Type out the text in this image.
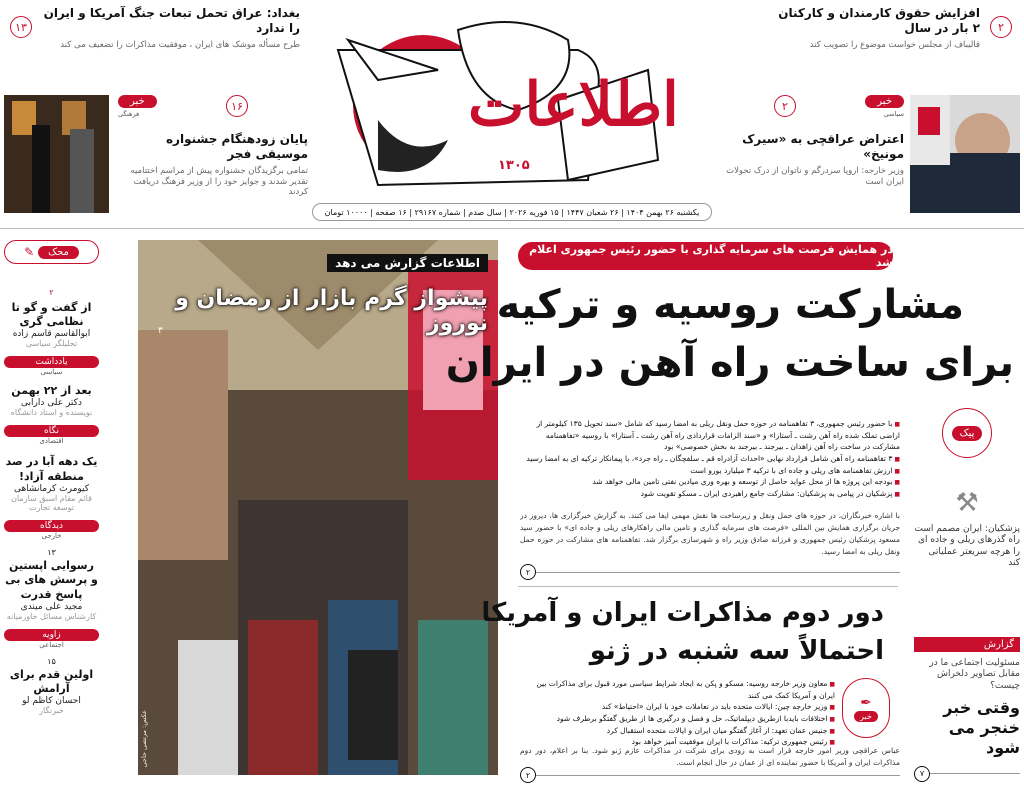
۲
افزایش حقوق کارمندان و کارکنان ۲ بار در سال
قالیباف از مجلس خواست موضوع را تصویب کند
۱۳
بغداد: عراق تحمل تبعات جنگ آمریکا و ایران را ندارد
طرح مسأله موشک های ایران ، موفقیت مذاکرات را تضعیف می کند
اطلاعات
۱۳۰۵
خبر
سیاسی
۲
اعتراض عراقچی به «سیرک مونیخ»
وزیر خارجه: اروپا سردرگم و ناتوان از درک تحولات ایران است
خبر
فرهنگی
۱۶
پایان زودهنگام جشنواره موسیقی فجر
تمامی برگزیدگان جشنواره پیش از مراسم اختتامیه تقدیر شدند و جوایز خود را از وزیر فرهنگ دریافت کردند
یکشنبه ۲۶ بهمن ۱۴۰۴ | ۲۶ شعبان ۱۴۴۷ | ۱۵ فوریه ۲۰۲۶ | سال صدم | شماره ۲۹۱۶۷ | ۱۶ صفحه | ۱۰۰۰۰ تومان
محک
✎
۲
از گفت و گو تا نظامی گری
ابوالقاسم قاسم زاده
تحلیلگر سیاسی
یادداشت
سیاسی
بعد از ۲۲ بهمن
دکتر علی دارابی
نویسنده و استاد دانشگاه
نگاه
اقتصادی
یک دهه آبا در صد منطقه آزاد!
کیومرث کرمانشاهی
قائم مقام اسبق سازمان توسعه تجارت
دیدگاه
خارجی
۱۳
رسوایی اپستین و پرسش های بی پاسخ قدرت
مجید علی میندی
کارشناس مسائل خاورمیانه
زاویه
اجتماعی
۱۵
اولین قدم برای آرامش
احسان کاظم لو
خبرنگار
اطلاعات گزارش می دهد
پیشواز گرم بازار از رمضان و نوروز
۳
عکس: مرتضی حاجی
در همایش فرصت های سرمایه گذاری با حضور رئیس جمهوری اعلام شد
مشارکت روسیه و ترکیه
برای ساخت راه آهن در ایران
■ با حضور رئیس جمهوری، ۳ تفاهمنامه در حوزه حمل ونقل ریلی به امضا رسید که شامل «سند تحویل ۱۳۵ کیلومتر از اراضی تملک شده راه آهن رشت ـ آستارا» و «سند الزامات قراردادی راه آهن رشت ـ آستارا» با روسیه «تفاهمنامه مشارکت در ساخت راه آهن زاهدان ـ بیرجند ـ بیرجند به بخش خصوصی» بود
■ ۳ تفاهمنامه راه آهن شامل قرارداد نهایی «احداث آزادراه قم ـ سلفچگان ـ راه جرد»، با پیمانکار ترکیه ای به امضا رسید
■ ارزش تفاهمنامه های ریلی و جاده ای با ترکیه ۳ میلیارد یورو است
■ بودجه این پروژه ها از محل عواید حاصل از توسعه و بهره وری میادین نفتی تامین مالی خواهد شد
■ پزشکیان در پیامی به پزشکیان: مشارکت جامع راهبردی ایران ـ مسکو تقویت شود
با اشاره خبرنگاران، در حوزه های حمل ونقل و زیرساخت ها نقش مهمی ایفا می کنند. به گزارش خبرگزاری ها، دیروز در جریان برگزاری همایش بین المللی «فرصت های سرمایه گذاری و تامین مالی راهکارهای ریلی و جاده ای» با حضور سید مسعود پزشکیان رئیس جمهوری و فرزانه صادق وزیر راه و شهرسازی برگزار شد. تفاهمنامه های مشارکت در حوزه حمل ونقل ریلی به امضا رسید.
۲
دور دوم مذاکرات ایران و آمریکا
احتمالاً سه شنبه در ژنو
■ معاون وزیر خارجه روسیه: مسکو و پکن به ایجاد شرایط سیاسی مورد قبول برای مذاکرات بین ایران و آمریکا کمک می کنند
■ وزیر خارجه چین: ایالات متحده باید در تعاملات خود با ایران «احتیاط» کند
■ اختلافات بایدبا ازطریق دیپلماتیک، حل و فصل و درگیری ها از طریق گفتگو برطرف شود
■ جنیس عمان تعهد: از آغاز گفتگو میان ایران و ایالات متحده استقبال کرد
■ رئیس جمهوری ترکیه: مذاکرات با ایران موفقیت آمیز خواهد بود
عباس عراقچی وزیر امور خارجه قرار است به زودی برای شرکت در مذاکرات عازم ژنو شود. بنا بر اعلام، دور دوم مذاکرات ایران و آمریکا با حضور نماینده ای از عمان در حال انجام است.
۲
✒
خبر
پیک
⚒
پزشکیان: ایران مصمم است راه گذرهای ریلی و جاده ای را هرچه سریعتر عملیاتی کند
گزارش
مسئولیت اجتماعی ما در مقابل تصاویر دلخراش چیست؟
وقتی خبر خنجر می شود
۷
